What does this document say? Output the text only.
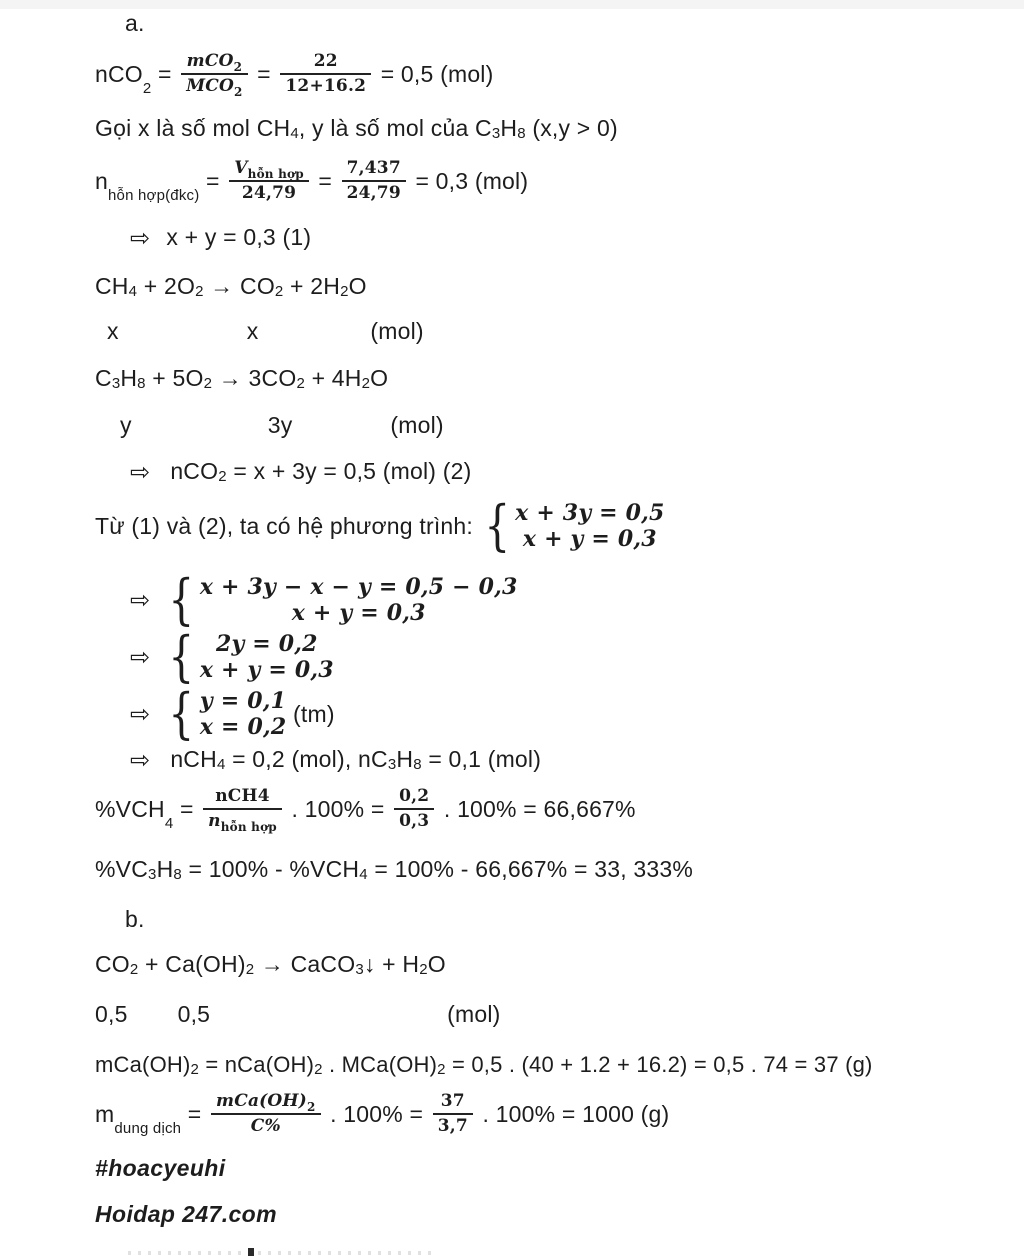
a.
nCO
2
= $\frac{\text{mCO 2}}{\text{MCO 2}} = \frac{22}{12+16.2} = 0,5$ (mol)
Gọi x là số mol CH 4 , y là số mol của C 3 H 8 (x,y > 0)
n
hỗn hợp(đkc)
= $\frac{\text{V hỗn hợp}}{24,79} = \frac{7,437}{24,79} = 0,3$ (mol)
⇨ x + y = 0,3 (1)
CH 4 + 2O 2 → CO 2 + 2H 2 O
x	x	(mol)
C 3 H 8 + 5O 2 → 3CO 2 + 4H 2 O
y	3y	(mol)
⇨ nCO 2 = x + 3y = 0,5 (mol) (2)
Từ (1) và (2), ta có hệ phương trình: { x + 3y = 0,5
x + y = 0,3
⇨ { x + 3y − x − y = 0,5 − 0,3
x + y = 0,3
⇨ { 2y = 0,2
x + y = 0,3
⇨ { y = 0,1
x = 0,2
(tm)
⇨ nCH 4 = 0,2 (mol), nC 3 H 8 = 0,1 (mol)
%VCH
4
= $\frac{\text{nCH4}}{\text{n hỗn hợp}}$ . $100\% = \frac{0,2}{0,3}$ . 100% = 66,667%
%VC 3 H 8 = 100% - %VCH 4 = 100% - 66,667% = 33, 333%
b.
CO 2 + Ca(OH) 2 → CaCO 3 ↓ + H 2 O
0,5 0,5	(mol)
mCa(OH) 2 = nCa(OH) 2 . MCa(OH) 2 = 0,5 . (40 + 1.2 + 16.2) = 0,5 . 74 = 37 (g)
m
dung dịch
= $\frac{\text{mCa(OH) 2}}{C\%}$ . $100\% = \frac{37}{3,7}$ . 100% = 1000 (g)
#hoacyeuhi
Hoidap 247.com
